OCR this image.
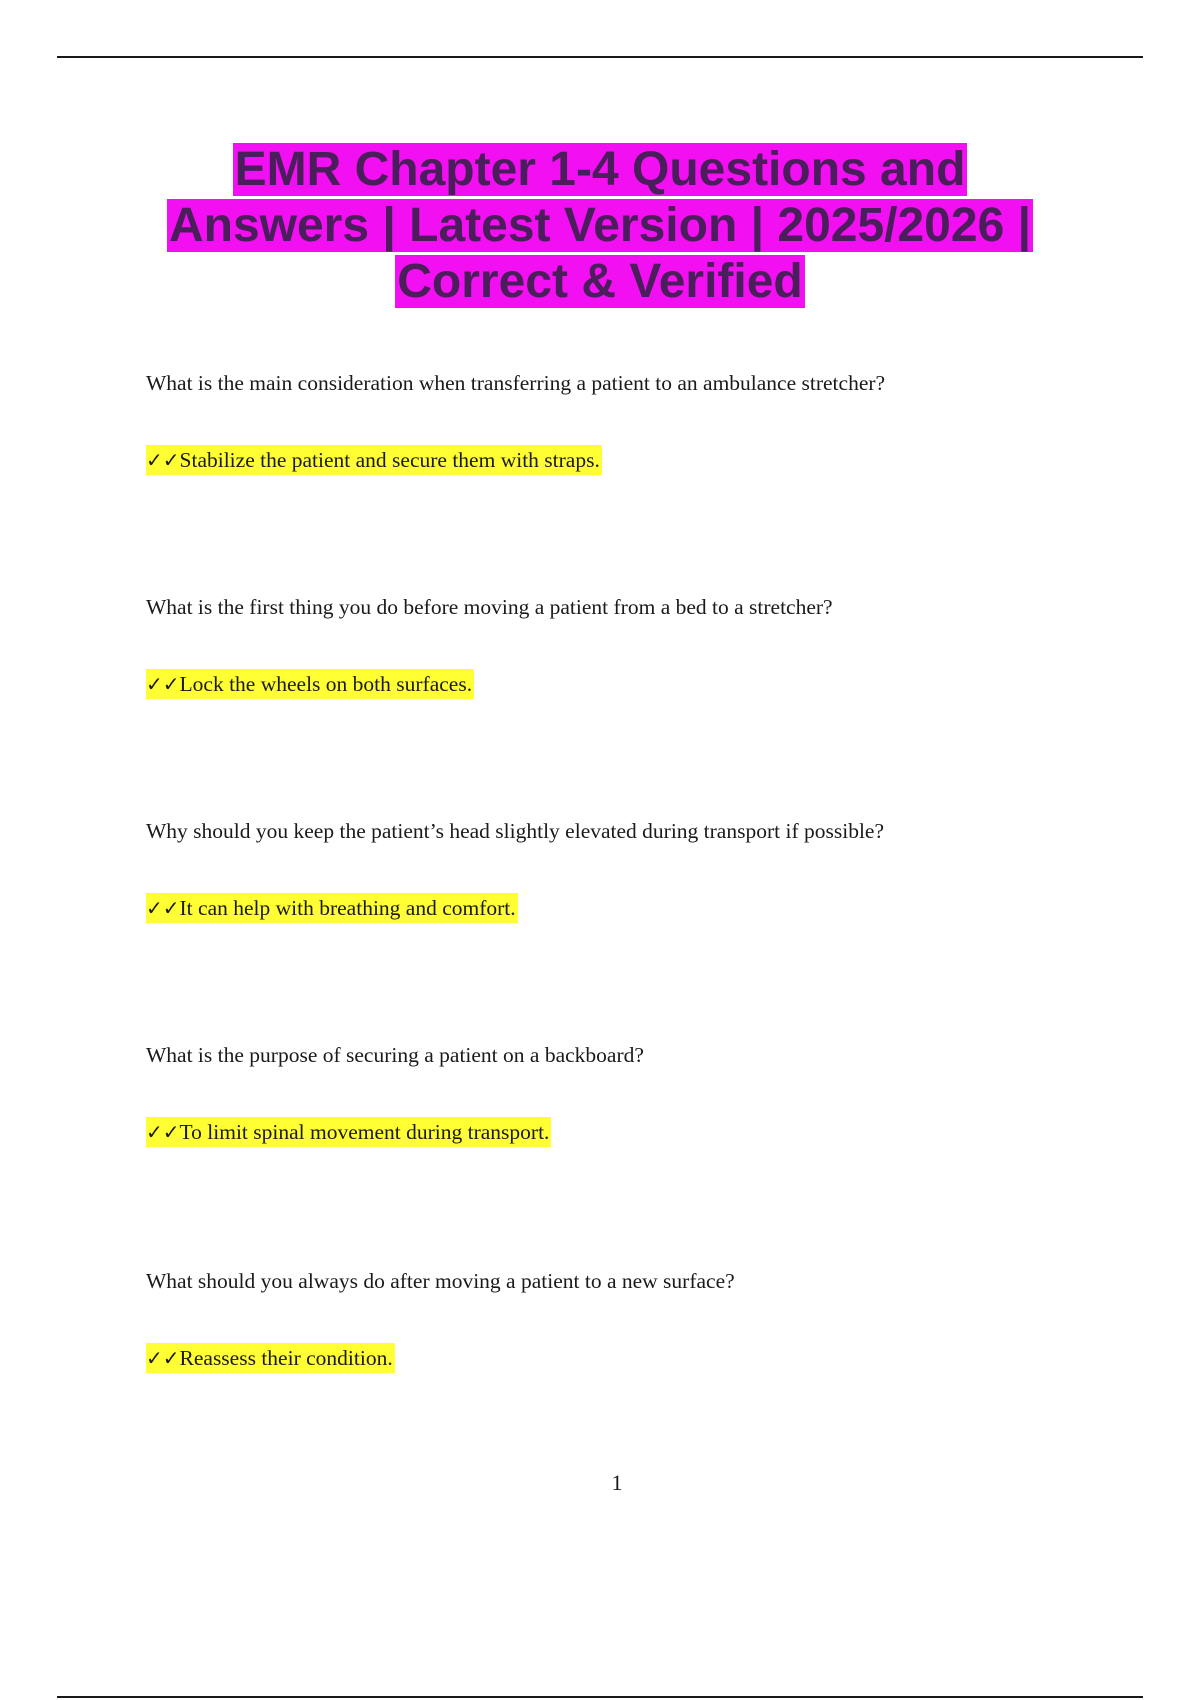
EMR Chapter 1-4 Questions and
Answers | Latest Version | 2025/2026 |
Correct & Verified
What is the main consideration when transferring a patient to an ambulance stretcher?
✓✓Stabilize the patient and secure them with straps.
What is the first thing you do before moving a patient from a bed to a stretcher?
✓✓Lock the wheels on both surfaces.
Why should you keep the patient’s head slightly elevated during transport if possible?
✓✓It can help with breathing and comfort.
What is the purpose of securing a patient on a backboard?
✓✓To limit spinal movement during transport.
What should you always do after moving a patient to a new surface?
✓✓Reassess their condition.
1
